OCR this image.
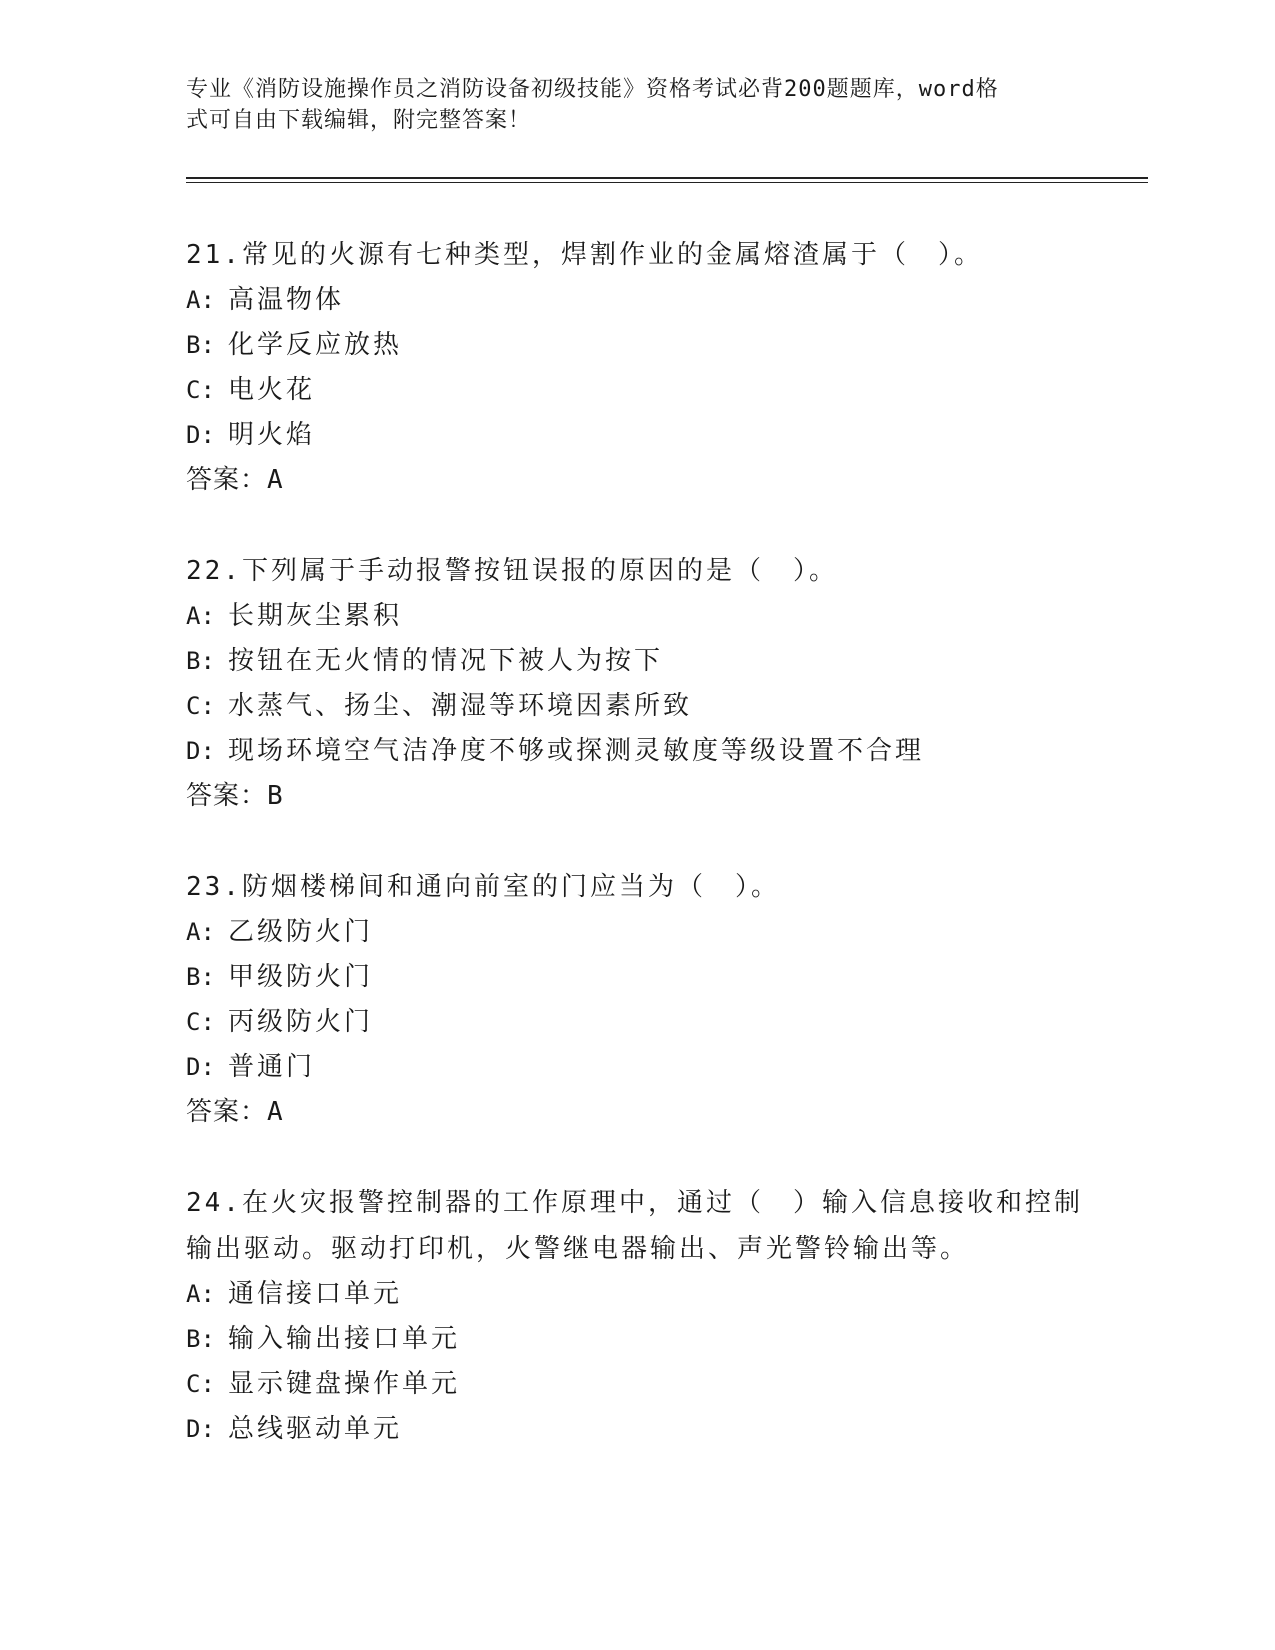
专业《消防设施操作员之消防设备初级技能》资格考试必背200题题库，word格
式可自由下载编辑，附完整答案！

21.常见的火源有七种类型，焊割作业的金属熔渣属于（　）。

A: 高温物体
B: 化学反应放热
C: 电火花
D: 明火焰

答案：A

22.下列属于手动报警按钮误报的原因的是（　）。

A: 长期灰尘累积
B: 按钮在无火情的情况下被人为按下
C: 水蒸气、扬尘、潮湿等环境因素所致
D: 现场环境空气洁净度不够或探测灵敏度等级设置不合理

答案：B

23.防烟楼梯间和通向前室的门应当为（　）。

A: 乙级防火门
B: 甲级防火门
C: 丙级防火门
D: 普通门

答案：A

24.在火灾报警控制器的工作原理中，通过（　）输入信息接收和控制输出驱动。驱动打印机，火警继电器输出、声光警铃输出等。

A: 通信接口单元
B: 输入输出接口单元
C: 显示键盘操作单元
D: 总线驱动单元
